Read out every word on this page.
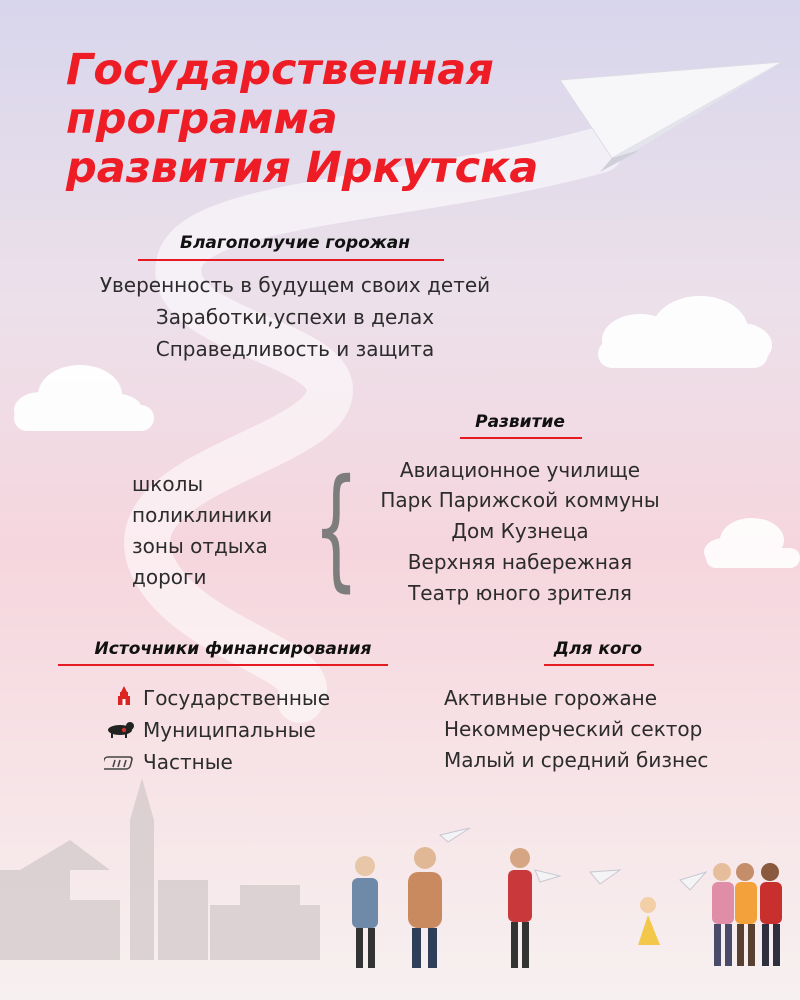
Государственная
программа
развития Иркутска
Благополучие горожан
Уверенность в будущем своих детей
Заработки,успехи в делах
Справедливость и защита
Развитие
школы
поликлиники
зоны отдыха
дороги {	Авиационное училище
Парк Парижской коммуны
Дом Кузнеца
Верхняя набережная
Театр юного зрителя
Источники финансирования
Государственные
Муниципальные
Частные
Для кого
Активные горожане
Некоммерческий сектор
Малый и средний бизнес
